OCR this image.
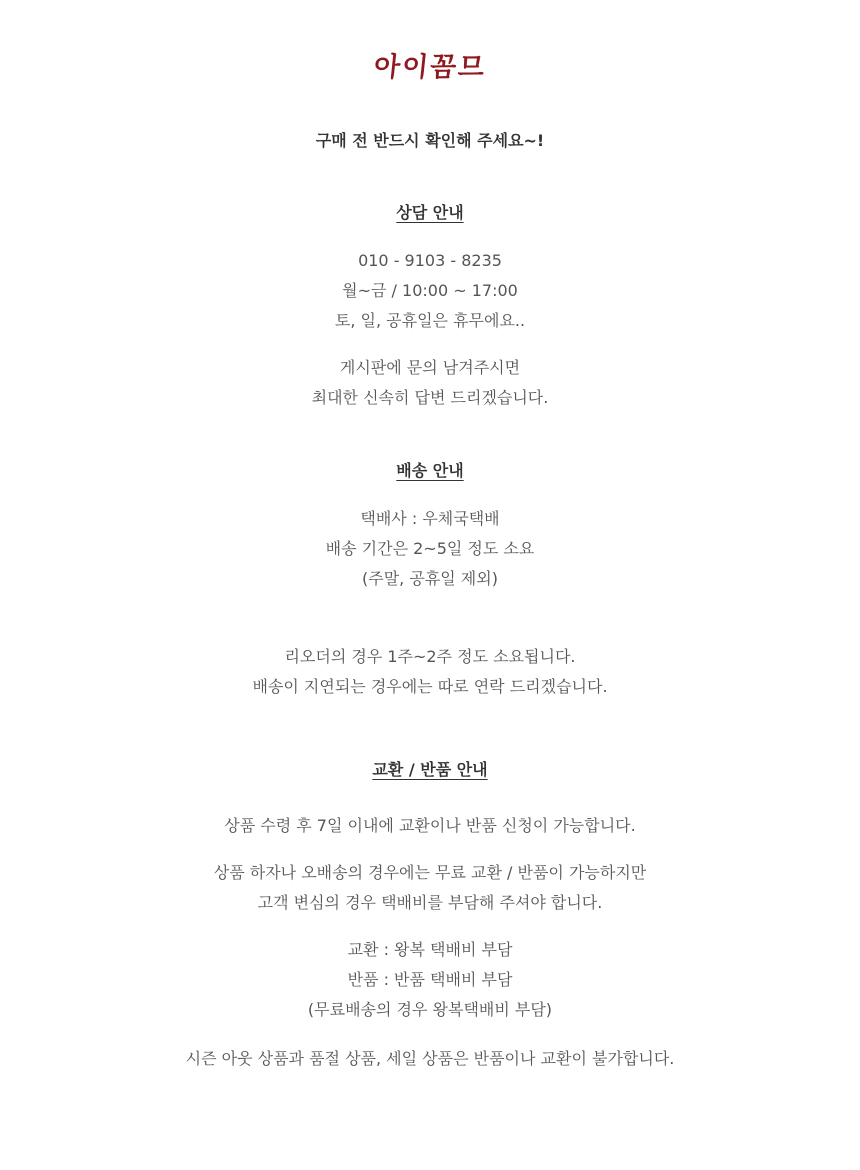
아이꼼므
구매 전 반드시 확인해 주세요~!
상담 안내
010 - 9103 - 8235
월~금 / 10:00 ~ 17:00
토, 일, 공휴일은 휴무에요..
게시판에 문의 남겨주시면
최대한 신속히 답변 드리겠습니다.
배송 안내
택배사 : 우체국택배
배송 기간은 2~5일 정도 소요
(주말, 공휴일 제외)
리오더의 경우 1주~2주 정도 소요됩니다.
배송이 지연되는 경우에는 따로 연락 드리겠습니다.
교환 / 반품 안내
상품 수령 후 7일 이내에 교환이나 반품 신청이 가능합니다.
상품 하자나 오배송의 경우에는 무료 교환 / 반품이 가능하지만
고객 변심의 경우 택배비를 부담해 주셔야 합니다.
교환 : 왕복 택배비 부담
반품 : 반품 택배비 부담
(무료배송의 경우 왕복택배비 부담)
시즌 아웃 상품과 품절 상품, 세일 상품은 반품이나 교환이 불가합니다.
